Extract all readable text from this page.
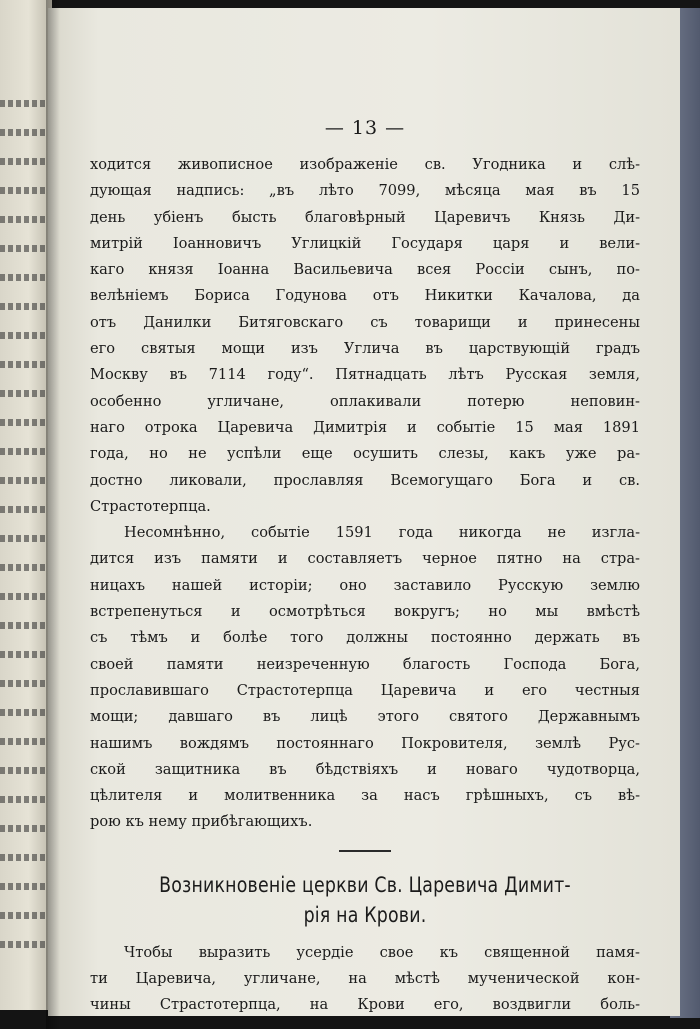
— 13 —
ходится живописное изображеніе св. Угодника и слѣ-
дующая надпись: „въ лѣто 7099, мѣсяца мая въ 15
день убіенъ бысть благовѣрный Царевичъ Князь Ди-
митрій Іоанновичъ Углицкій Государя царя и вели-
каго князя Іоанна Васильевича всея Россіи сынъ, по-
велѣніемъ Бориса Годунова отъ Никитки Качалова, да
отъ Данилки Битяговскаго съ товарищи и принесены
его святыя мощи изъ Углича въ царствующій градъ
Москву въ 7114 году“. Пятнадцать лѣтъ Русская земля,
особенно угличане, оплакивали потерю неповин-
наго отрока Царевича Димитрія и событіе 15 мая 1891
года, но не успѣли еще осушить слезы, какъ уже ра-
достно ликовали, прославляя Всемогущаго Бога и св.
Страстотерпца.
Несомнѣнно, событіе 1591 года никогда не изгла-
дится изъ памяти и составляетъ черное пятно на стра-
ницахъ нашей исторіи; оно заставило Русскую землю
встрепенуться и осмотрѣться вокругъ; но мы вмѣстѣ
съ тѣмъ и болѣе того должны постоянно держать въ
своей памяти неизреченную благость Господа Бога,
прославившаго Страстотерпца Царевича и его честныя
мощи; давшаго въ лицѣ этого святого Державнымъ
нашимъ вождямъ постояннаго Покровителя, землѣ Рус-
ской защитника въ бѣдствіяхъ и новаго чудотворца,
цѣлителя и молитвенника за насъ грѣшныхъ, съ вѣ-
рою къ нему прибѣгающихъ.
Возникновеніе церкви Св. Царевича Димит-
рія на Крови.
Чтобы выразить усердіе свое къ священной памя-
ти Царевича, угличане, на мѣстѣ мученической кон-
чины Страстотерпца, на Крови его, воздвигли боль-
